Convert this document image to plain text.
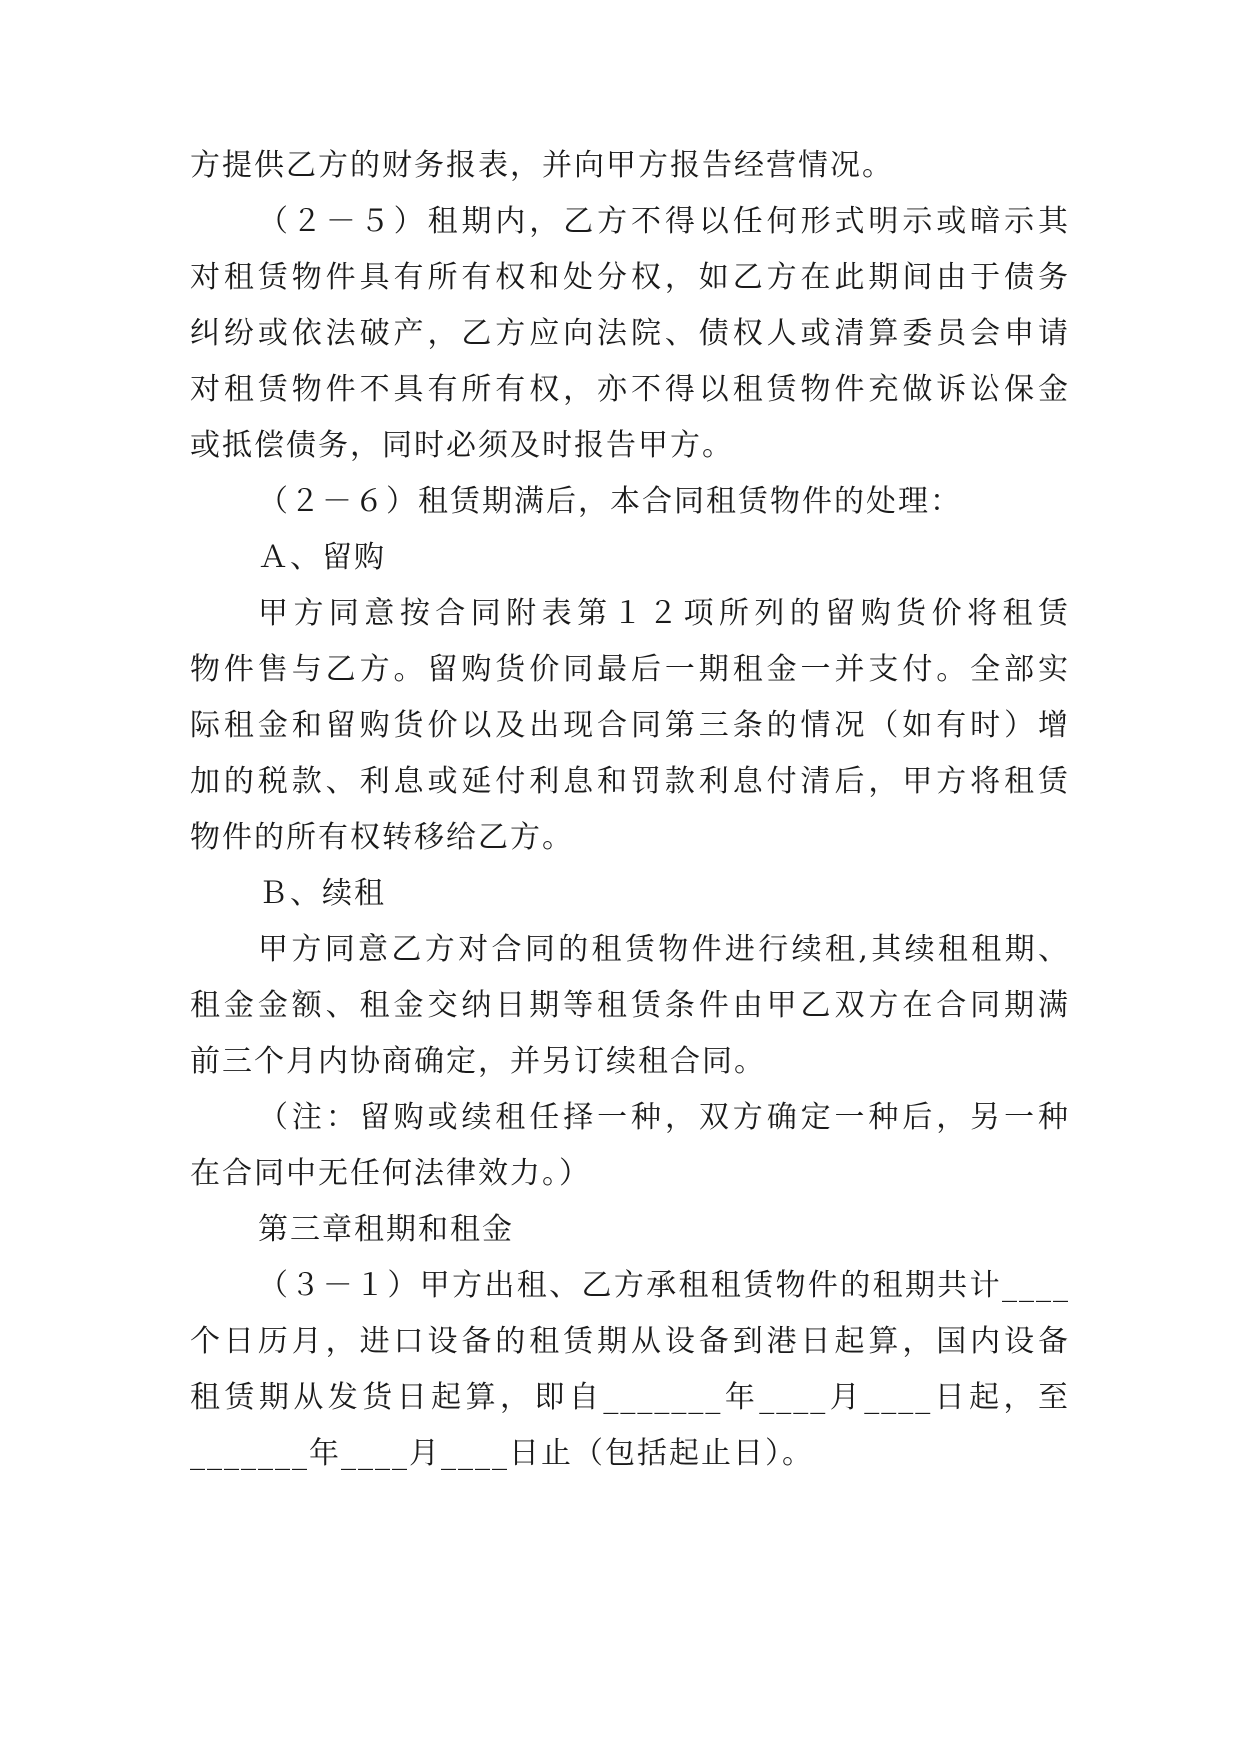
方提供乙方的财务报表，并向甲方报告经营情况。
（２－５）租期内，乙方不得以任何形式明示或暗示其
对租赁物件具有所有权和处分权，如乙方在此期间由于债务
纠纷或依法破产，乙方应向法院、债权人或清算委员会申请
对租赁物件不具有所有权，亦不得以租赁物件充做诉讼保金
或抵偿债务，同时必须及时报告甲方。
（２－６）租赁期满后，本合同租赁物件的处理：
Ａ、留购
甲方同意按合同附表第１２项所列的留购货价将租赁
物件售与乙方。留购货价同最后一期租金一并支付。全部实
际租金和留购货价以及出现合同第三条的情况（如有时）增
加的税款、利息或延付利息和罚款利息付清后，甲方将租赁
物件的所有权转移给乙方。
Ｂ、续租
甲方同意乙方对合同的租赁物件进行续租,其续租租期、
租金金额、租金交纳日期等租赁条件由甲乙双方在合同期满
前三个月内协商确定，并另订续租合同。
（注：留购或续租任择一种，双方确定一种后，另一种
在合同中无任何法律效力。）
第三章租期和租金
（３－１）甲方出租、乙方承租租赁物件的租期共计____
个日历月，进口设备的租赁期从设备到港日起算，国内设备
租赁期从发货日起算，即自_______年____月____日起，至
_______年____月____日止（包括起止日）。
